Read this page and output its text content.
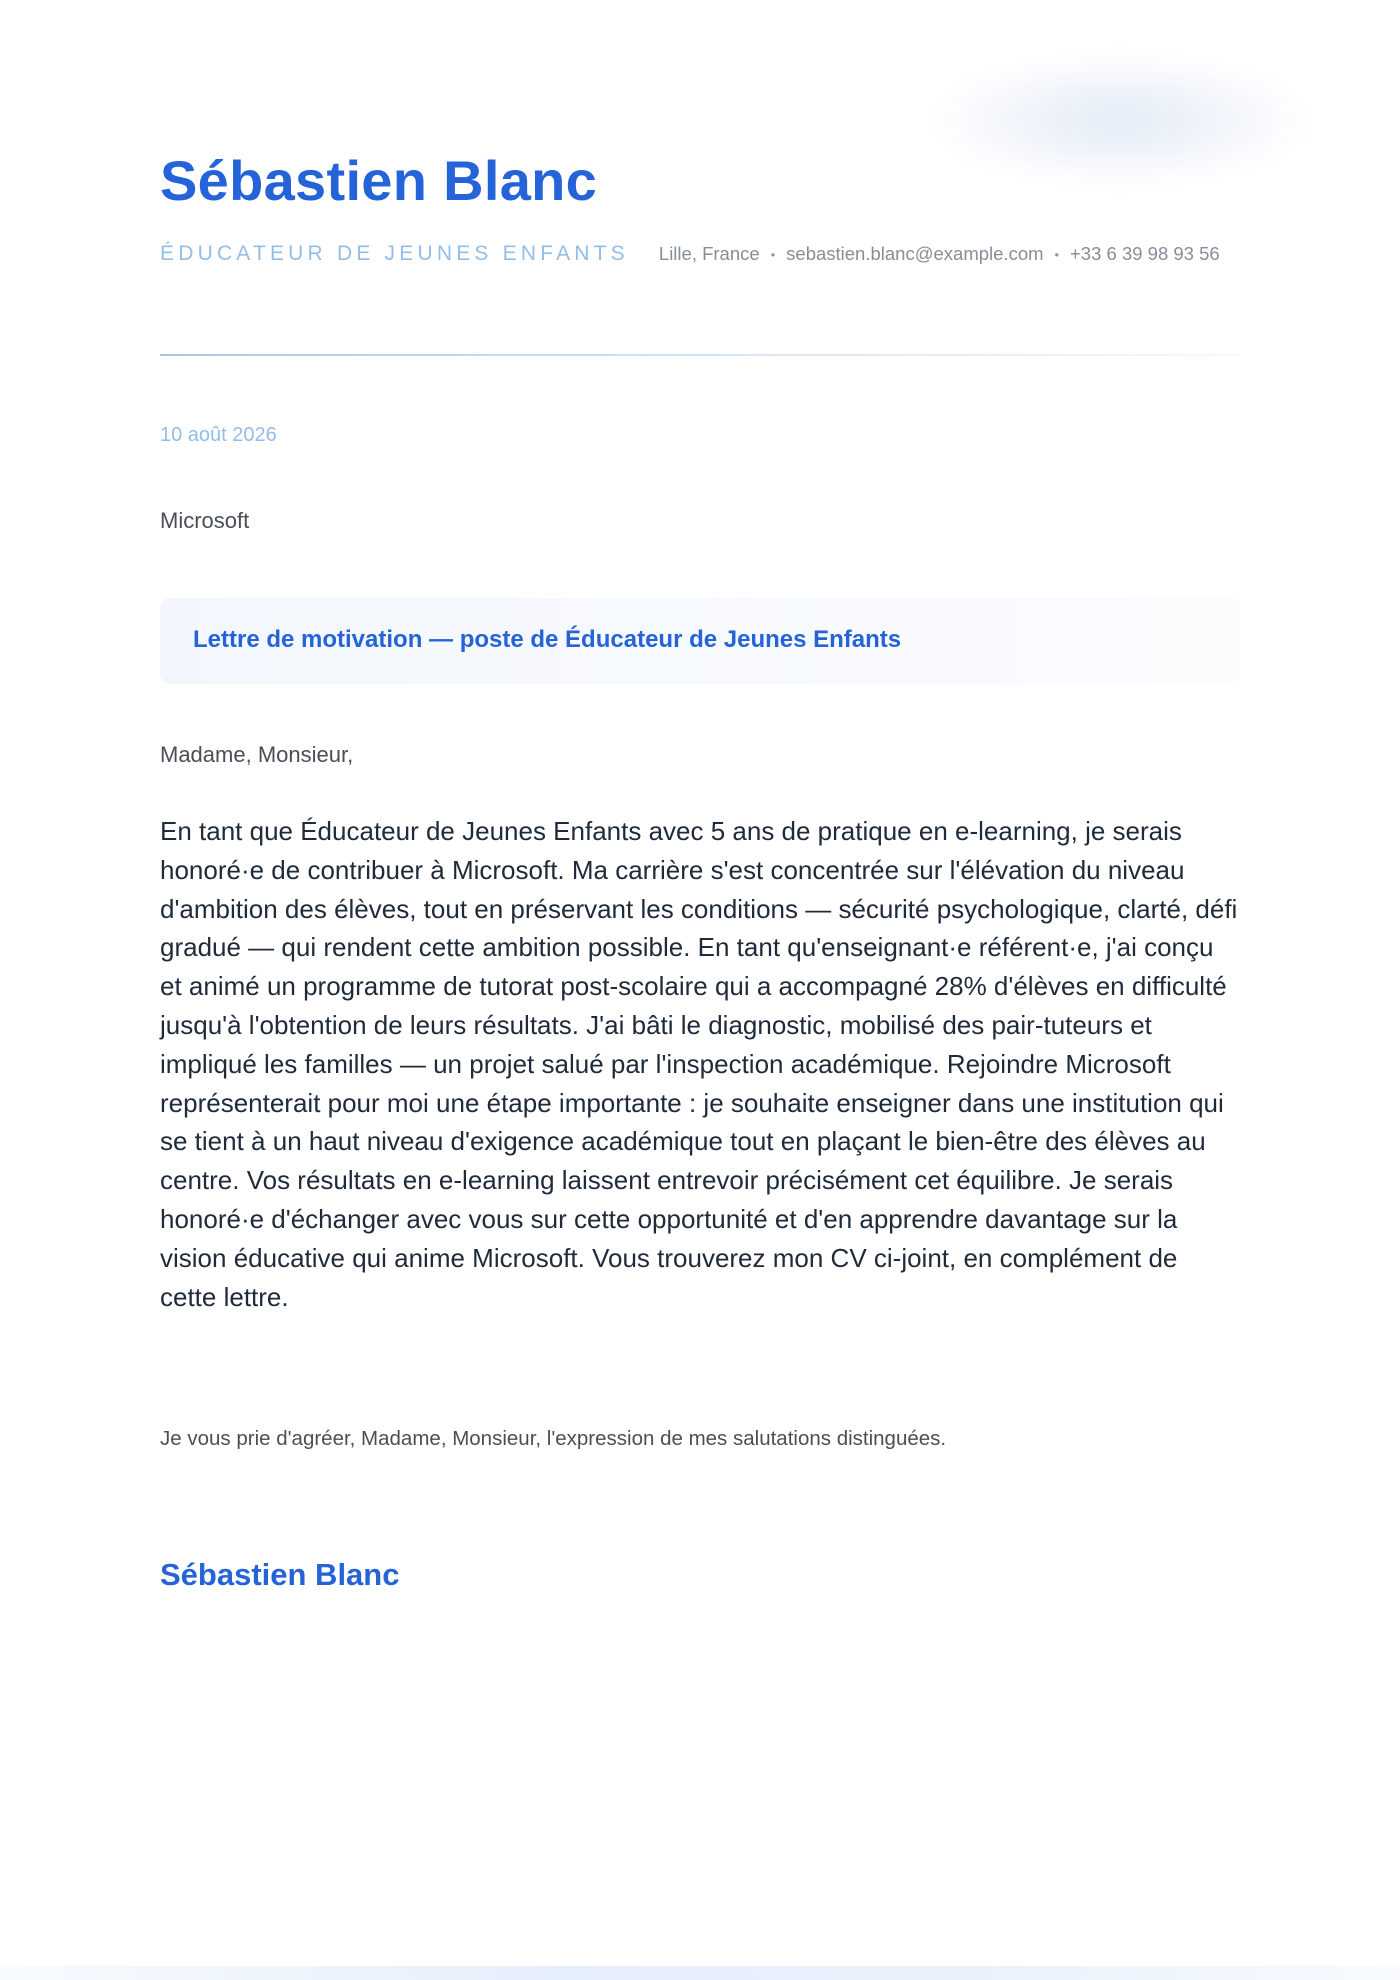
Sébastien Blanc
ÉDUCATEUR DE JEUNES ENFANTS Lille, France • sebastien.blanc@example.com • +33 6 39 98 93 56
10 août 2026
Microsoft
Lettre de motivation — poste de Éducateur de Jeunes Enfants
Madame, Monsieur,

En tant que Éducateur de Jeunes Enfants avec 5 ans de pratique en e-learning, je serais honoré·e de contribuer à Microsoft. Ma carrière s'est concentrée sur l'élévation du niveau d'ambition des élèves, tout en préservant les conditions — sécurité psychologique, clarté, défi gradué — qui rendent cette ambition possible. En tant qu'enseignant·e référent·e, j'ai conçu et animé un programme de tutorat post-scolaire qui a accompagné 28% d'élèves en difficulté jusqu'à l'obtention de leurs résultats. J'ai bâti le diagnostic, mobilisé des pair-tuteurs et impliqué les familles — un projet salué par l'inspection académique. Rejoindre Microsoft représenterait pour moi une étape importante : je souhaite enseigner dans une institution qui se tient à un haut niveau d'exigence académique tout en plaçant le bien-être des élèves au centre. Vos résultats en e-learning laissent entrevoir précisément cet équilibre. Je serais honoré·e d'échanger avec vous sur cette opportunité et d'en apprendre davantage sur la vision éducative qui anime Microsoft. Vous trouverez mon CV ci-joint, en complément de cette lettre.

Je vous prie d'agréer, Madame, Monsieur, l'expression de mes salutations distinguées.
Sébastien Blanc
